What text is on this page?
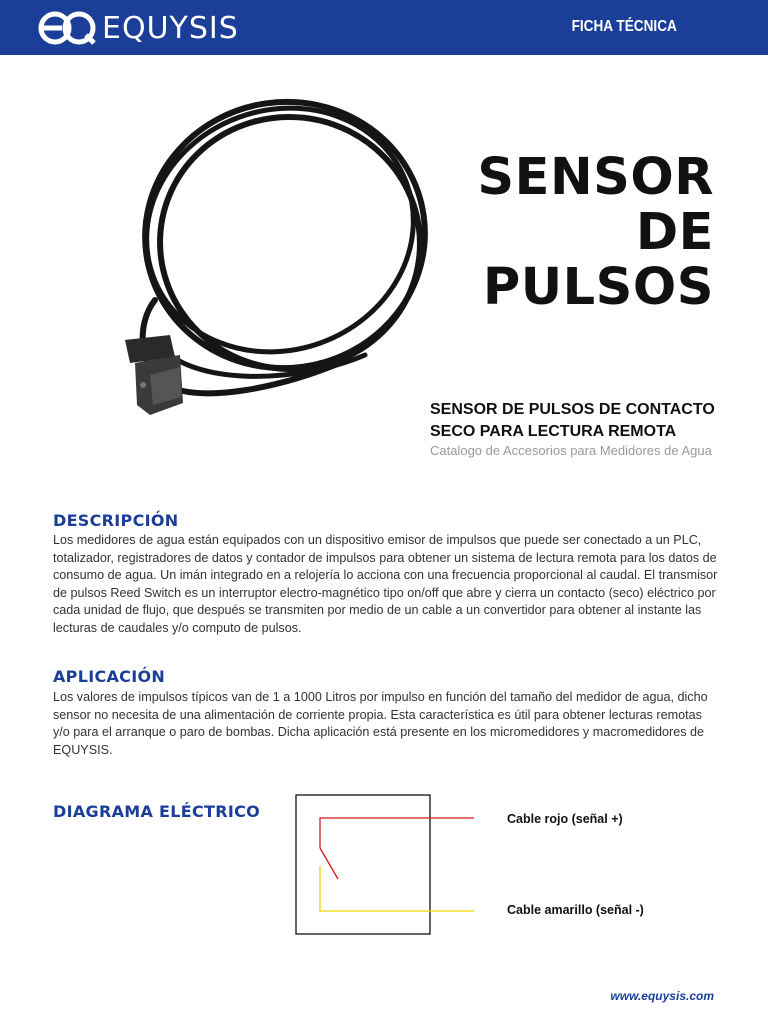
EQUYSIS	FICHA TÉCNICA
SENSOR
DE
PULSOS
SENSOR DE PULSOS DE CONTACTO
SECO PARA LECTURA REMOTA
Catalogo de Accesorios para Medidores de Agua
DESCRIPCIÓN
Los medidores de agua están equipados con un dispositivo emisor de impulsos que puede ser conectado a un PLC, totalizador, registradores de datos y contador de impulsos para obtener un sistema de lectura remota para los datos de consumo de agua. Un imán integrado en a relojería lo acciona con una frecuencia proporcional al caudal. El transmisor de pulsos Reed Switch es un interruptor electro-magnético tipo on/off que abre y cierra un contacto (seco) eléctrico por cada unidad de flujo, que después se transmiten por medio de un cable a un convertidor para obtener al instante las lecturas de caudales y/o computo de pulsos.
APLICACIÓN
Los valores de impulsos típicos van de 1 a 1000 Litros por impulso en función del tamaño del medidor de agua, dicho sensor no necesita de una alimentación de corriente propia. Esta característica es útil para obtener lecturas remotas y/o para el arranque o paro de bombas. Dicha aplicación está presente en los micromedidores y macromedidores de EQUYSIS.
DIAGRAMA ELÉCTRICO	Cable rojo (señal +)
Cable amarillo (señal -)
www.equysis.com
